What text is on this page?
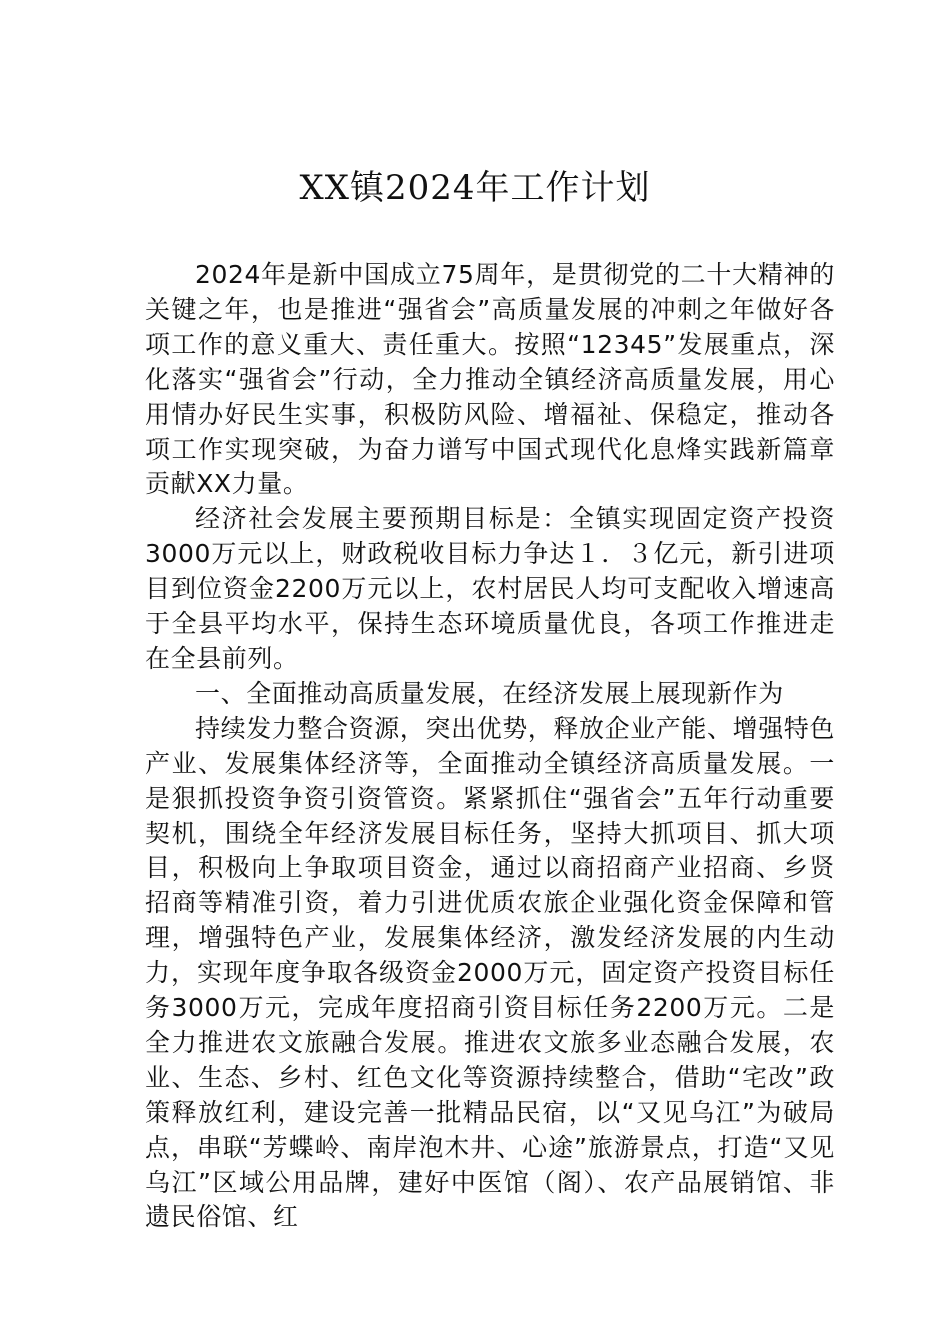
XX镇2024年工作计划

2024年是新中国成立75周年，是贯彻党的二十大精神的关键之年，也是推进“强省会”高质量发展的冲刺之年做好各项工作的意义重大、责任重大。按照“12345”发展重点，深化落实“强省会”行动，全力推动全镇经济高质量发展，用心用情办好民生实事，积极防风险、增福祉、保稳定，推动各项工作实现突破，为奋力谱写中国式现代化息烽实践新篇章贡献XX力量。

经济社会发展主要预期目标是：全镇实现固定资产投资3000万元以上，财政税收目标力争达１．３亿元，新引进项目到位资金2200万元以上，农村居民人均可支配收入增速高于全县平均水平，保持生态环境质量优良，各项工作推进走在全县前列。

一、全面推动高质量发展，在经济发展上展现新作为

持续发力整合资源，突出优势，释放企业产能、增强特色产业、发展集体经济等，全面推动全镇经济高质量发展。一是狠抓投资争资引资管资。紧紧抓住“强省会”五年行动重要契机，围绕全年经济发展目标任务，坚持大抓项目、抓大项目，积极向上争取项目资金，通过以商招商产业招商、乡贤招商等精准引资，着力引进优质农旅企业强化资金保障和管理，增强特色产业，发展集体经济，激发经济发展的内生动力，实现年度争取各级资金2000万元，固定资产投资目标任务3000万元，完成年度招商引资目标任务2200万元。二是全力推进农文旅融合发展。推进农文旅多业态融合发展，农业、生态、乡村、红色文化等资源持续整合，借助“宅改”政策释放红利，建设完善一批精品民宿，以“又见乌江”为破局点，串联“芳蝶岭、南岸泡木井、心途”旅游景点，打造“又见乌江”区域公用品牌，建好中医馆（阁）、农产品展销馆、非遗民俗馆、红
